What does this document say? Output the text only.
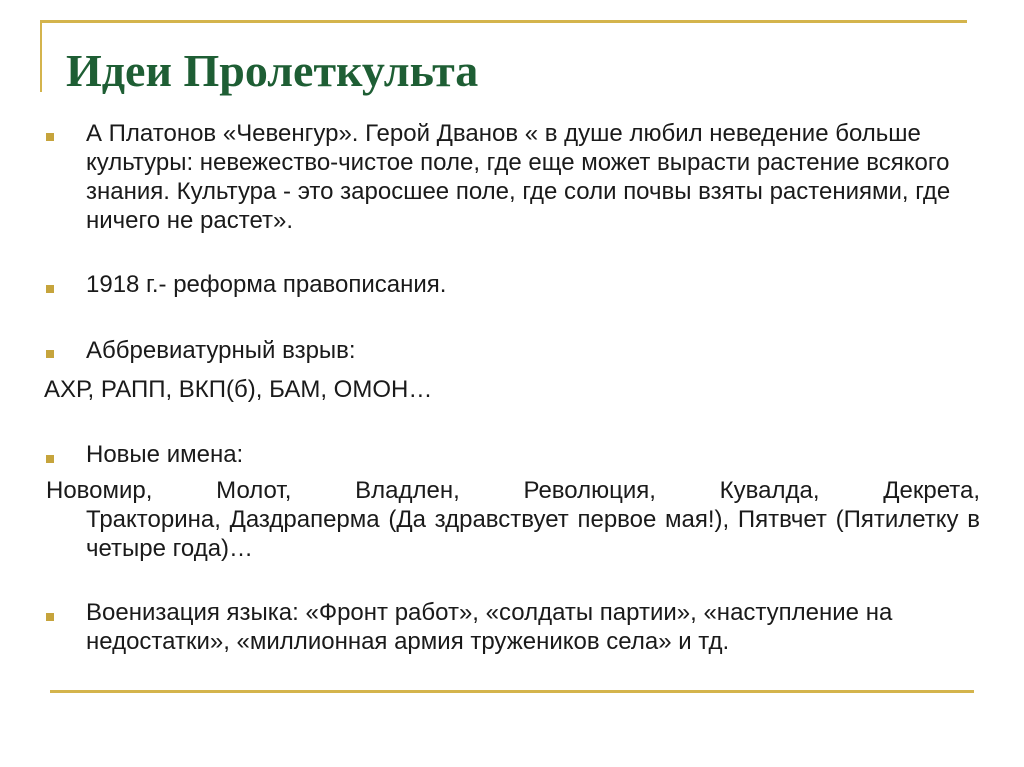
Идеи Пролеткульта
А Платонов «Чевенгур». Герой Дванов « в душе любил неведение больше культуры: невежество-чистое поле, где еще может вырасти растение всякого знания. Культура - это заросшее поле, где соли почвы взяты растениями, где ничего не растет».
1918 г.- реформа правописания.
Аббревиатурный взрыв:
АХР, РАПП, ВКП(б), БАМ, ОМОН…
Новые имена:
Новомир, Молот, Владлен, Революция, Кувалда, Декрета,
Тракторина, Даздраперма (Да здравствует первое мая!), Пятвчет (Пятилетку в четыре года)…
Военизация языка: «Фронт работ», «солдаты партии», «наступление на недостатки», «миллионная армия тружеников села» и тд.
